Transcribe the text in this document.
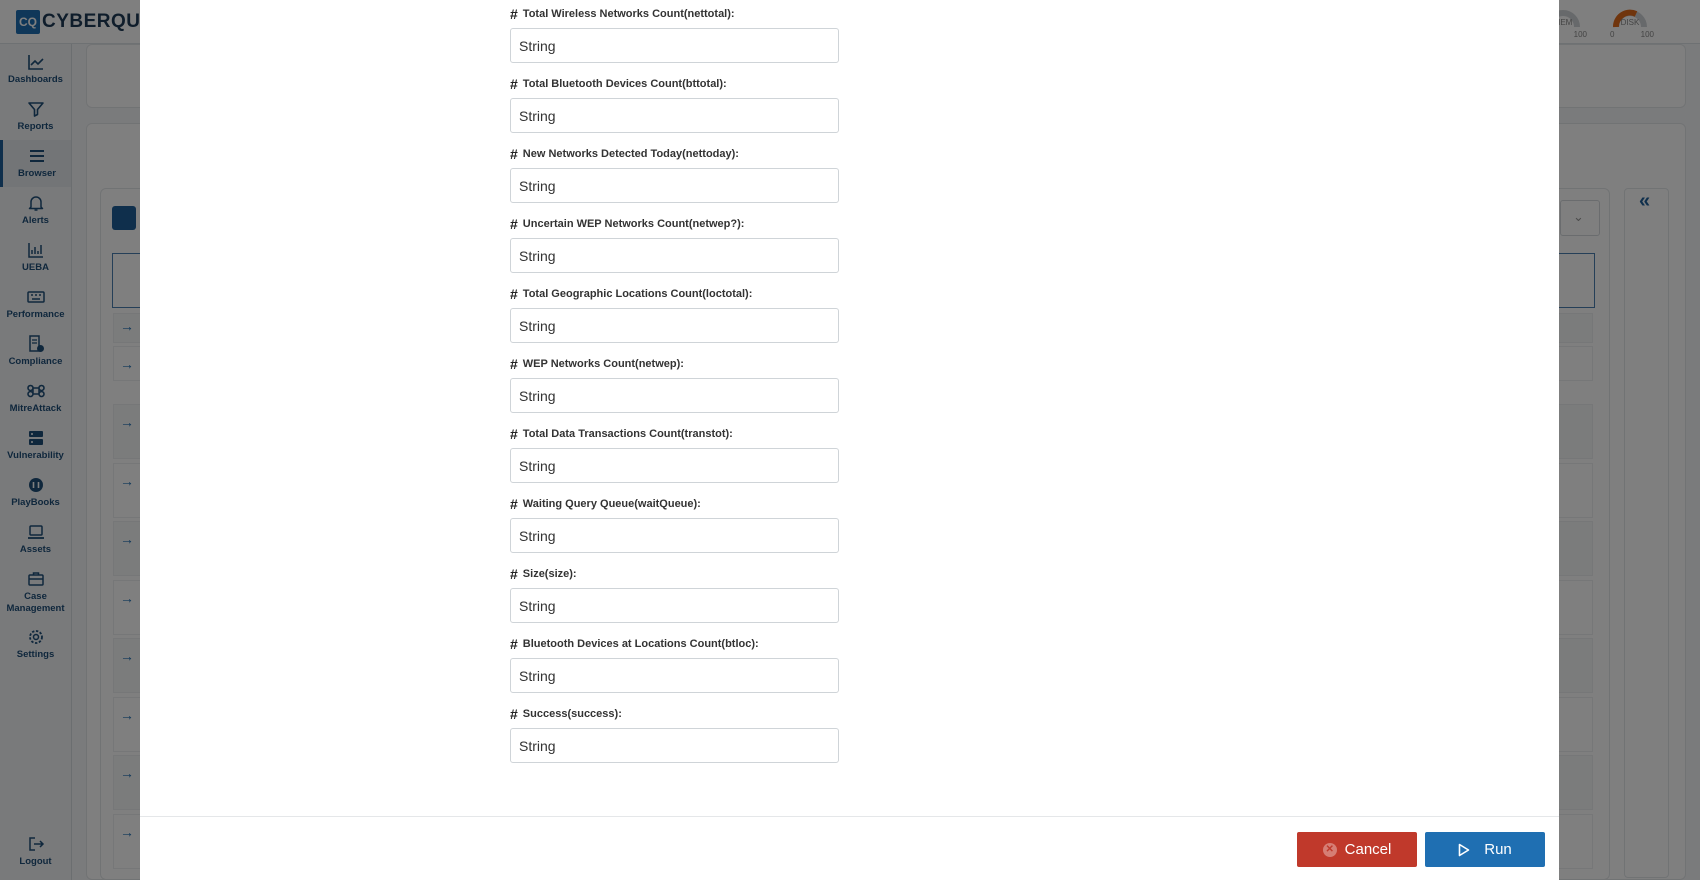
# Total Wireless Networks Count(nettotal):
String
# Total Bluetooth Devices Count(bttotal):
String
# New Networks Detected Today(nettoday):
String
# Uncertain WEP Networks Count(netwep?):
String
# Total Geographic Locations Count(loctotal):
String
# WEP Networks Count(netwep):
String
# Total Data Transactions Count(transtot):
String
# Waiting Query Queue(waitQueue):
String
# Size(size):
String
# Bluetooth Devices at Locations Count(btloc):
String
# Success(success):
String
✕ Cancel	Run
